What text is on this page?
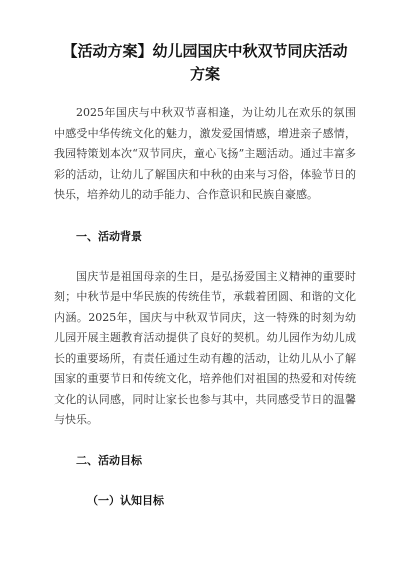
【活动方案】幼儿园国庆中秋双节同庆活动方案

2025年国庆与中秋双节喜相逢，为让幼儿在欢乐的氛围中感受中华传统文化的魅力，激发爱国情感，增进亲子感情，我园特策划本次“双节同庆，童心飞扬”主题活动。通过丰富多彩的活动，让幼儿了解国庆和中秋的由来与习俗，体验节日的快乐，培养幼儿的动手能力、合作意识和民族自豪感。

一、活动背景

国庆节是祖国母亲的生日，是弘扬爱国主义精神的重要时刻；中秋节是中华民族的传统佳节，承载着团圆、和谐的文化内涵。2025年，国庆与中秋双节同庆，这一特殊的时刻为幼儿园开展主题教育活动提供了良好的契机。幼儿园作为幼儿成长的重要场所，有责任通过生动有趣的活动，让幼儿从小了解国家的重要节日和传统文化，培养他们对祖国的热爱和对传统文化的认同感，同时让家长也参与其中，共同感受节日的温馨与快乐。

二、活动目标
（一）认知目标
